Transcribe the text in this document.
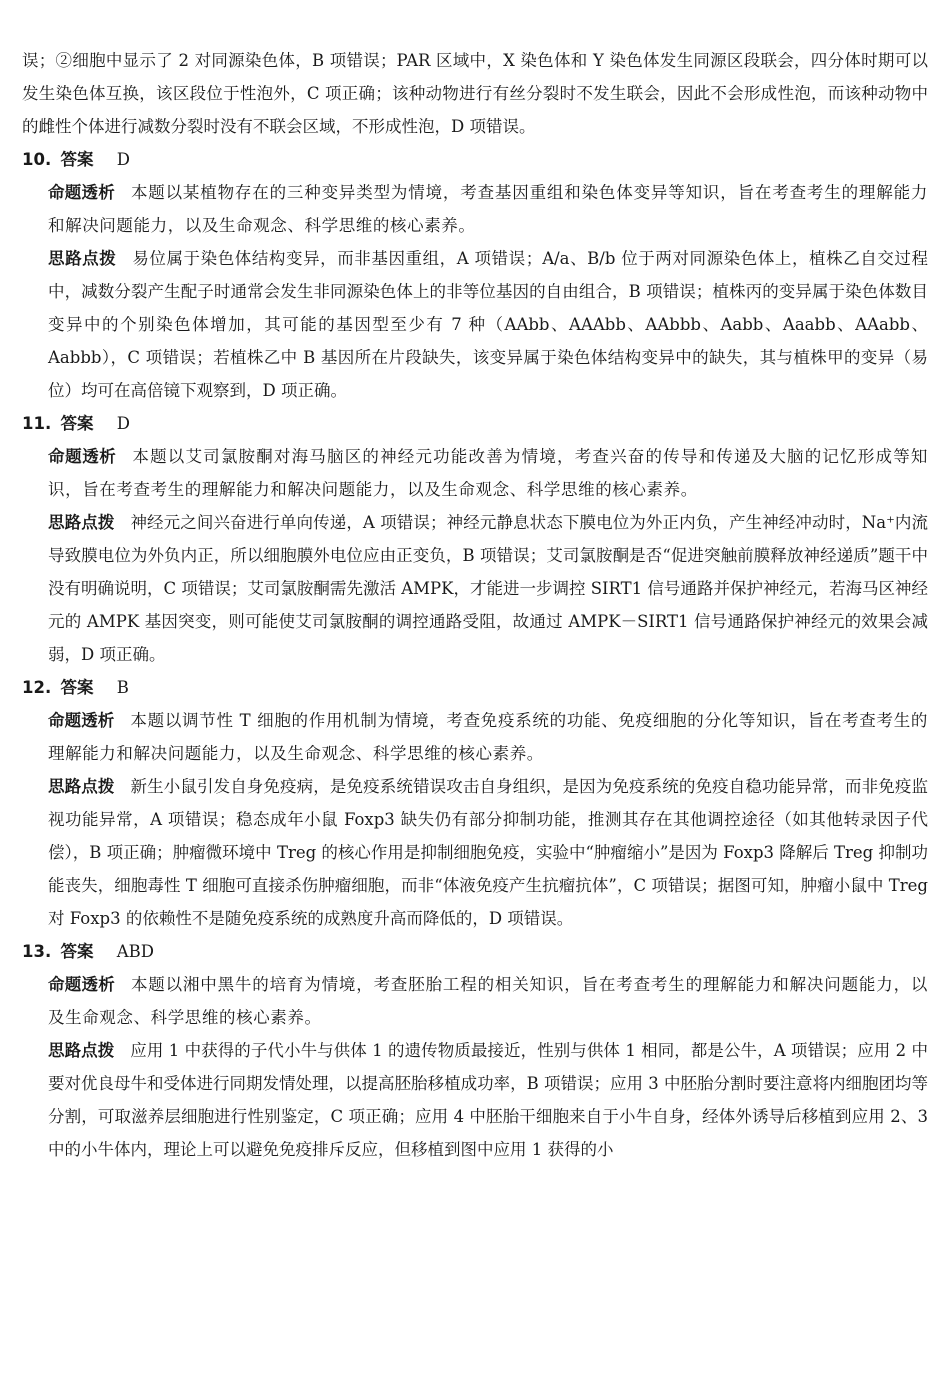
误；②细胞中显示了 2 对同源染色体，B 项错误；PAR 区域中，X 染色体和 Y 染色体发生同源区段联会，四分体时期可以发生染色体互换，该区段位于性泡外，C 项正确；该种动物进行有丝分裂时不发生联会，因此不会形成性泡，而该种动物中的雌性个体进行减数分裂时没有不联会区域，不形成性泡，D 项错误。

10. 答案 D

命题透析 本题以某植物存在的三种变异类型为情境，考查基因重组和染色体变异等知识，旨在考查考生的理解能力和解决问题能力，以及生命观念、科学思维的核心素养。

思路点拨 易位属于染色体结构变异，而非基因重组，A 项错误；A/a、B/b 位于两对同源染色体上，植株乙自交过程中，减数分裂产生配子时通常会发生非同源染色体上的非等位基因的自由组合，B 项错误；植株丙的变异属于染色体数目变异中的个别染色体增加，其可能的基因型至少有 7 种（AAbb、AAAbb、AAbbb、Aabb、Aaabb、AAabb、Aabbb），C 项错误；若植株乙中 B 基因所在片段缺失，该变异属于染色体结构变异中的缺失，其与植株甲的变异（易位）均可在高倍镜下观察到，D 项正确。

11. 答案 D

命题透析 本题以艾司氯胺酮对海马脑区的神经元功能改善为情境，考查兴奋的传导和传递及大脑的记忆形成等知识，旨在考查考生的理解能力和解决问题能力，以及生命观念、科学思维的核心素养。

思路点拨 神经元之间兴奋进行单向传递，A 项错误；神经元静息状态下膜电位为外正内负，产生神经冲动时，Na⁺内流导致膜电位为外负内正，所以细胞膜外电位应由正变负，B 项错误；艾司氯胺酮是否“促进突触前膜释放神经递质”题干中没有明确说明，C 项错误；艾司氯胺酮需先激活 AMPK，才能进一步调控 SIRT1 信号通路并保护神经元，若海马区神经元的 AMPK 基因突变，则可能使艾司氯胺酮的调控通路受阻，故通过 AMPK－SIRT1 信号通路保护神经元的效果会减弱，D 项正确。

12. 答案 B

命题透析 本题以调节性 T 细胞的作用机制为情境，考查免疫系统的功能、免疫细胞的分化等知识，旨在考查考生的理解能力和解决问题能力，以及生命观念、科学思维的核心素养。

思路点拨 新生小鼠引发自身免疫病，是免疫系统错误攻击自身组织，是因为免疫系统的免疫自稳功能异常，而非免疫监视功能异常，A 项错误；稳态成年小鼠 Foxp3 缺失仍有部分抑制功能，推测其存在其他调控途径（如其他转录因子代偿），B 项正确；肿瘤微环境中 Treg 的核心作用是抑制细胞免疫，实验中“肿瘤缩小”是因为 Foxp3 降解后 Treg 抑制功能丧失，细胞毒性 T 细胞可直接杀伤肿瘤细胞，而非“体液免疫产生抗瘤抗体”，C 项错误；据图可知，肿瘤小鼠中 Treg 对 Foxp3 的依赖性不是随免疫系统的成熟度升高而降低的，D 项错误。

13. 答案 ABD

命题透析 本题以湘中黑牛的培育为情境，考查胚胎工程的相关知识，旨在考查考生的理解能力和解决问题能力，以及生命观念、科学思维的核心素养。

思路点拨 应用 1 中获得的子代小牛与供体 1 的遗传物质最接近，性别与供体 1 相同，都是公牛，A 项错误；应用 2 中要对优良母牛和受体进行同期发情处理，以提高胚胎移植成功率，B 项错误；应用 3 中胚胎分割时要注意将内细胞团均等分割，可取滋养层细胞进行性别鉴定，C 项正确；应用 4 中胚胎干细胞来自于小牛自身，经体外诱导后移植到应用 2、3 中的小牛体内，理论上可以避免免疫排斥反应，但移植到图中应用 1 获得的小
